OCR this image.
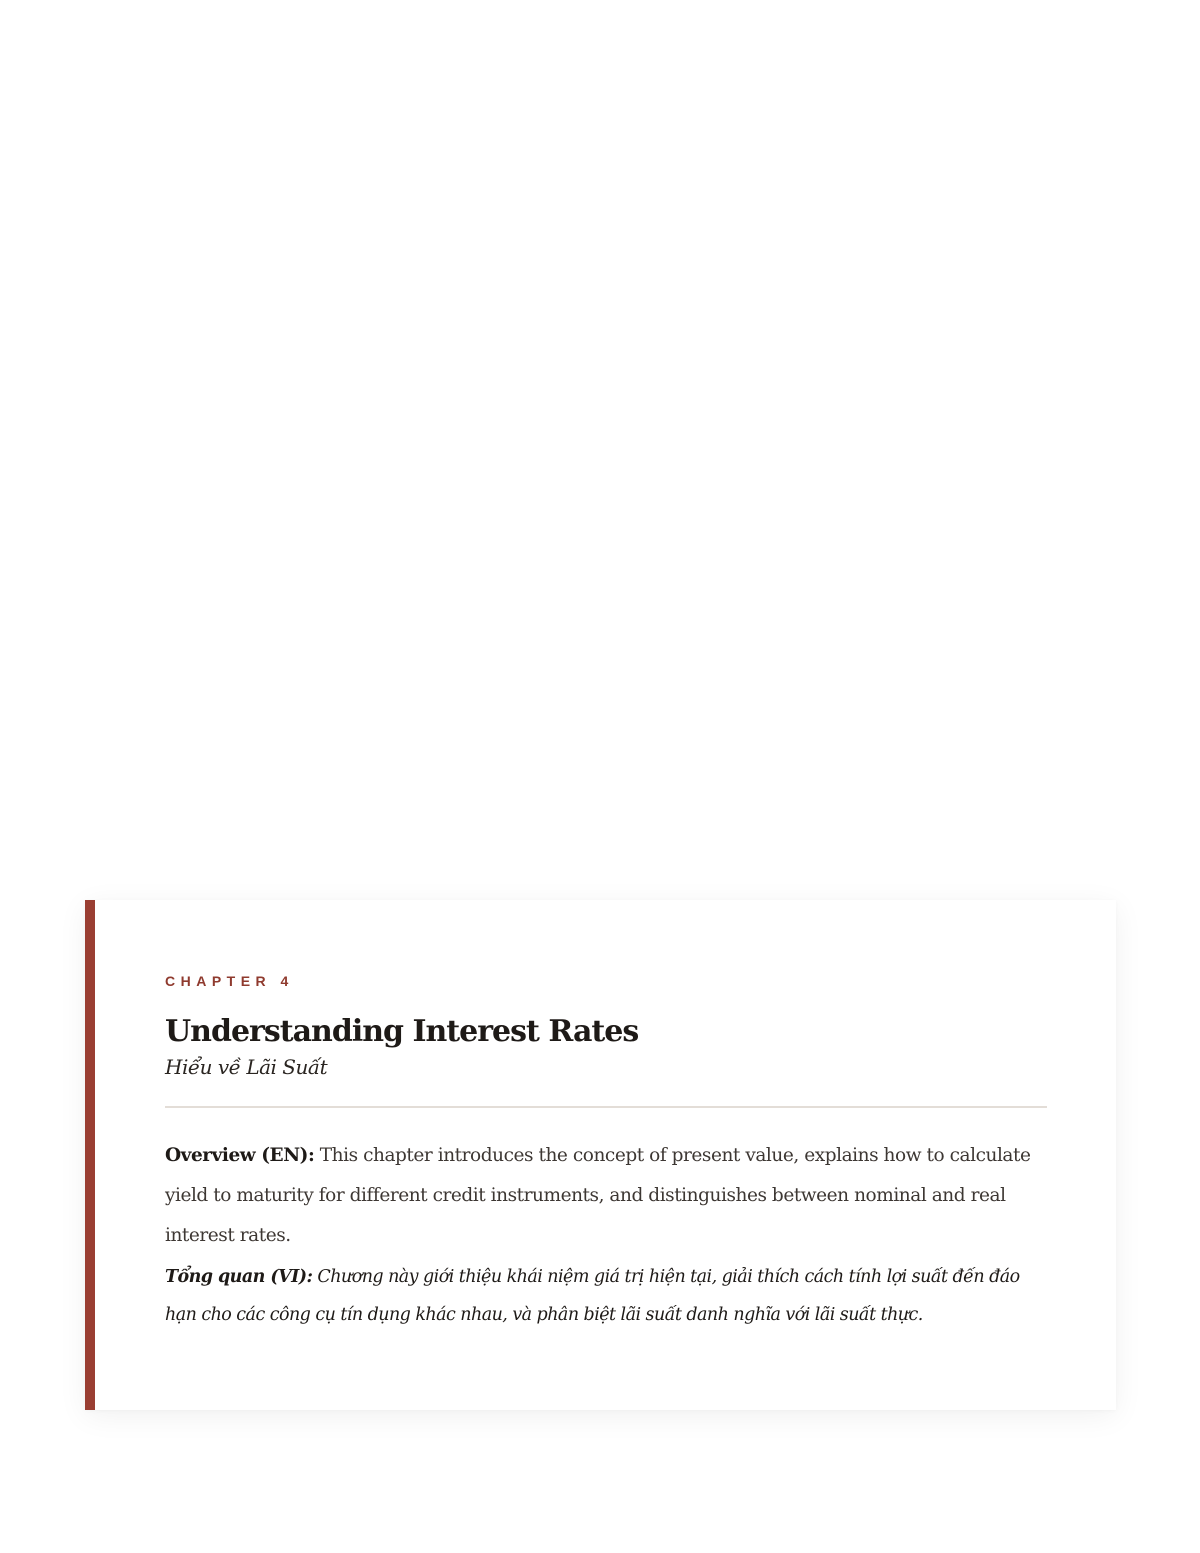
CHAPTER 4

Understanding Interest Rates

Hiểu về Lãi Suất

Overview (EN): This chapter introduces the concept of present value, explains how to calculate yield to maturity for different credit instruments, and distinguishes between nominal and real interest rates.

Tổng quan (VI): Chương này giới thiệu khái niệm giá trị hiện tại, giải thích cách tính lợi suất đến đáo hạn cho các công cụ tín dụng khác nhau, và phân biệt lãi suất danh nghĩa với lãi suất thực.
